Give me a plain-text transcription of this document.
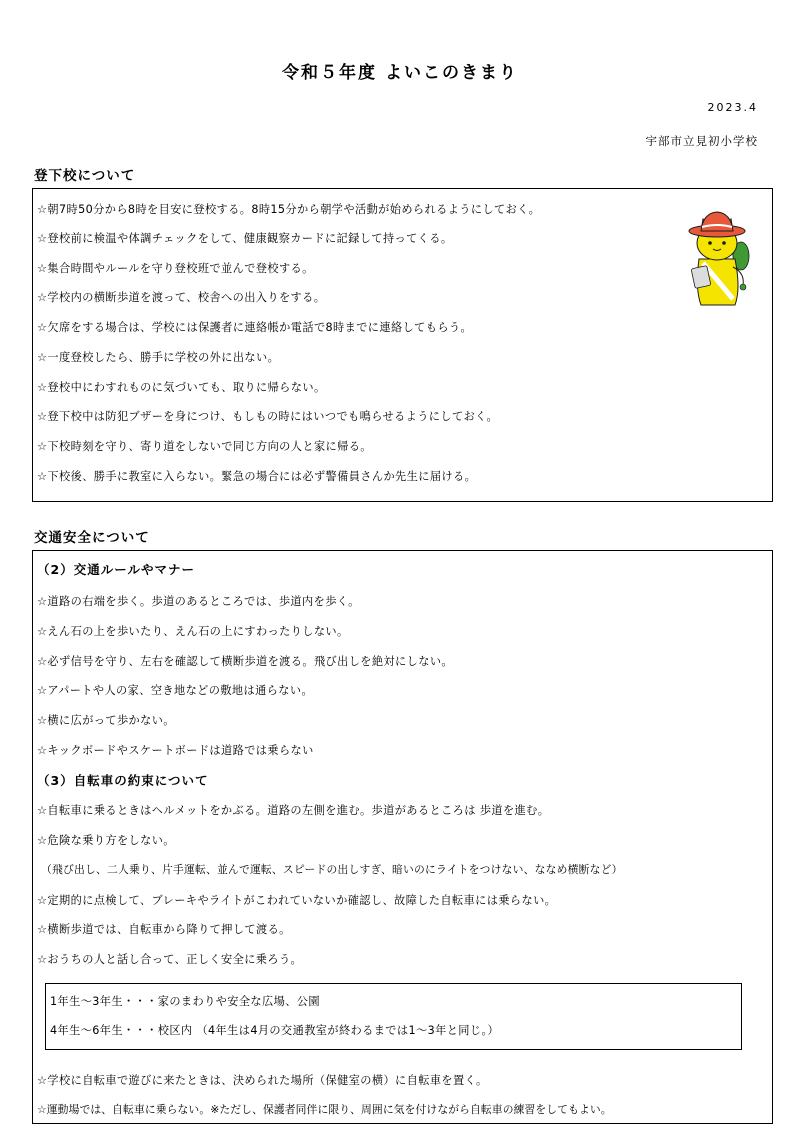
令和５年度 よいこのきまり
2023.4
宇部市立見初小学校
登下校について
☆朝7時50分から8時を目安に登校する。8時15分から朝学や活動が始められるようにしておく。
☆登校前に検温や体調チェックをして、健康観察カードに記録して持ってくる。
☆集合時間やルールを守り登校班で並んで登校する。
☆学校内の横断歩道を渡って、校舎への出入りをする。
☆欠席をする場合は、学校には保護者に連絡帳か電話で8時までに連絡してもらう。
☆一度登校したら、勝手に学校の外に出ない。
☆登校中にわすれものに気づいても、取りに帰らない。
☆登下校中は防犯ブザーを身につけ、もしもの時にはいつでも鳴らせるようにしておく。
☆下校時刻を守り、寄り道をしないで同じ方向の人と家に帰る。
☆下校後、勝手に教室に入らない。緊急の場合には必ず警備員さんか先生に届ける。
交通安全について
（2）交通ルールやマナー
☆道路の右端を歩く。歩道のあるところでは、歩道内を歩く。
☆えん石の上を歩いたり、えん石の上にすわったりしない。
☆必ず信号を守り、左右を確認して横断歩道を渡る。飛び出しを絶対にしない。
☆アパートや人の家、空き地などの敷地は通らない。
☆横に広がって歩かない。
☆キックボードやスケートボードは道路では乗らない
（3）自転車の約束について
☆自転車に乗るときはヘルメットをかぶる。道路の左側を進む。歩道があるところは 歩道を進む。
☆危険な乗り方をしない。
（飛び出し、二人乗り、片手運転、並んで運転、スピードの出しすぎ、暗いのにライトをつけない、ななめ横断など）
☆定期的に点検して、ブレーキやライトがこわれていないか確認し、故障した自転車には乗らない。
☆横断歩道では、自転車から降りて押して渡る。
☆おうちの人と話し合って、正しく安全に乗ろう。
1年生～3年生・・・家のまわりや安全な広場、公園
4年生～6年生・・・校区内 （4年生は4月の交通教室が終わるまでは1～3年と同じ。）
☆学校に自転車で遊びに来たときは、決められた場所（保健室の横）に自転車を置く。
☆運動場では、自転車に乗らない。※ただし、保護者同伴に限り、周囲に気を付けながら自転車の練習をしてもよい。
